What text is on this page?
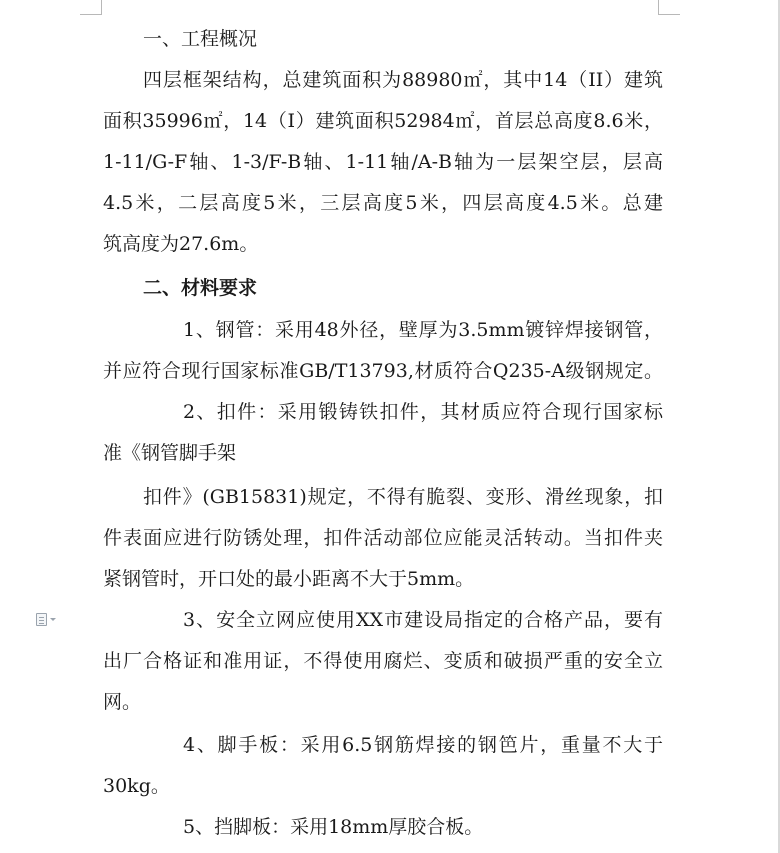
一、工程概况
四层框架结构，总建筑面积为88980㎡，其中14（II）建筑
面积35996㎡，14（I）建筑面积52984㎡，首层总高度8.6米，
1-11/G-F轴、1-3/F-B轴、1-11轴/A-B轴为一层架空层，层高
4.5米，二层高度5米，三层高度5米，四层高度4.5米。总建
筑高度为27.6m。
二、材料要求
1、钢管：采用48外径，壁厚为3.5mm镀锌焊接钢管，
并应符合现行国家标准GB/T13793,材质符合Q235-A级钢规定。
2、扣件：采用锻铸铁扣件，其材质应符合现行国家标
准《钢管脚手架
扣件》(GB15831)规定，不得有脆裂、变形、滑丝现象，扣
件表面应进行防锈处理，扣件活动部位应能灵活转动。当扣件夹
紧钢管时，开口处的最小距离不大于5mm。
3、安全立网应使用XX市建设局指定的合格产品，要有
出厂合格证和准用证，不得使用腐烂、变质和破损严重的安全立
网。
4、脚手板：采用6.5钢筋焊接的钢笆片，重量不大于
30kg。
5、挡脚板：采用18mm厚胶合板。
